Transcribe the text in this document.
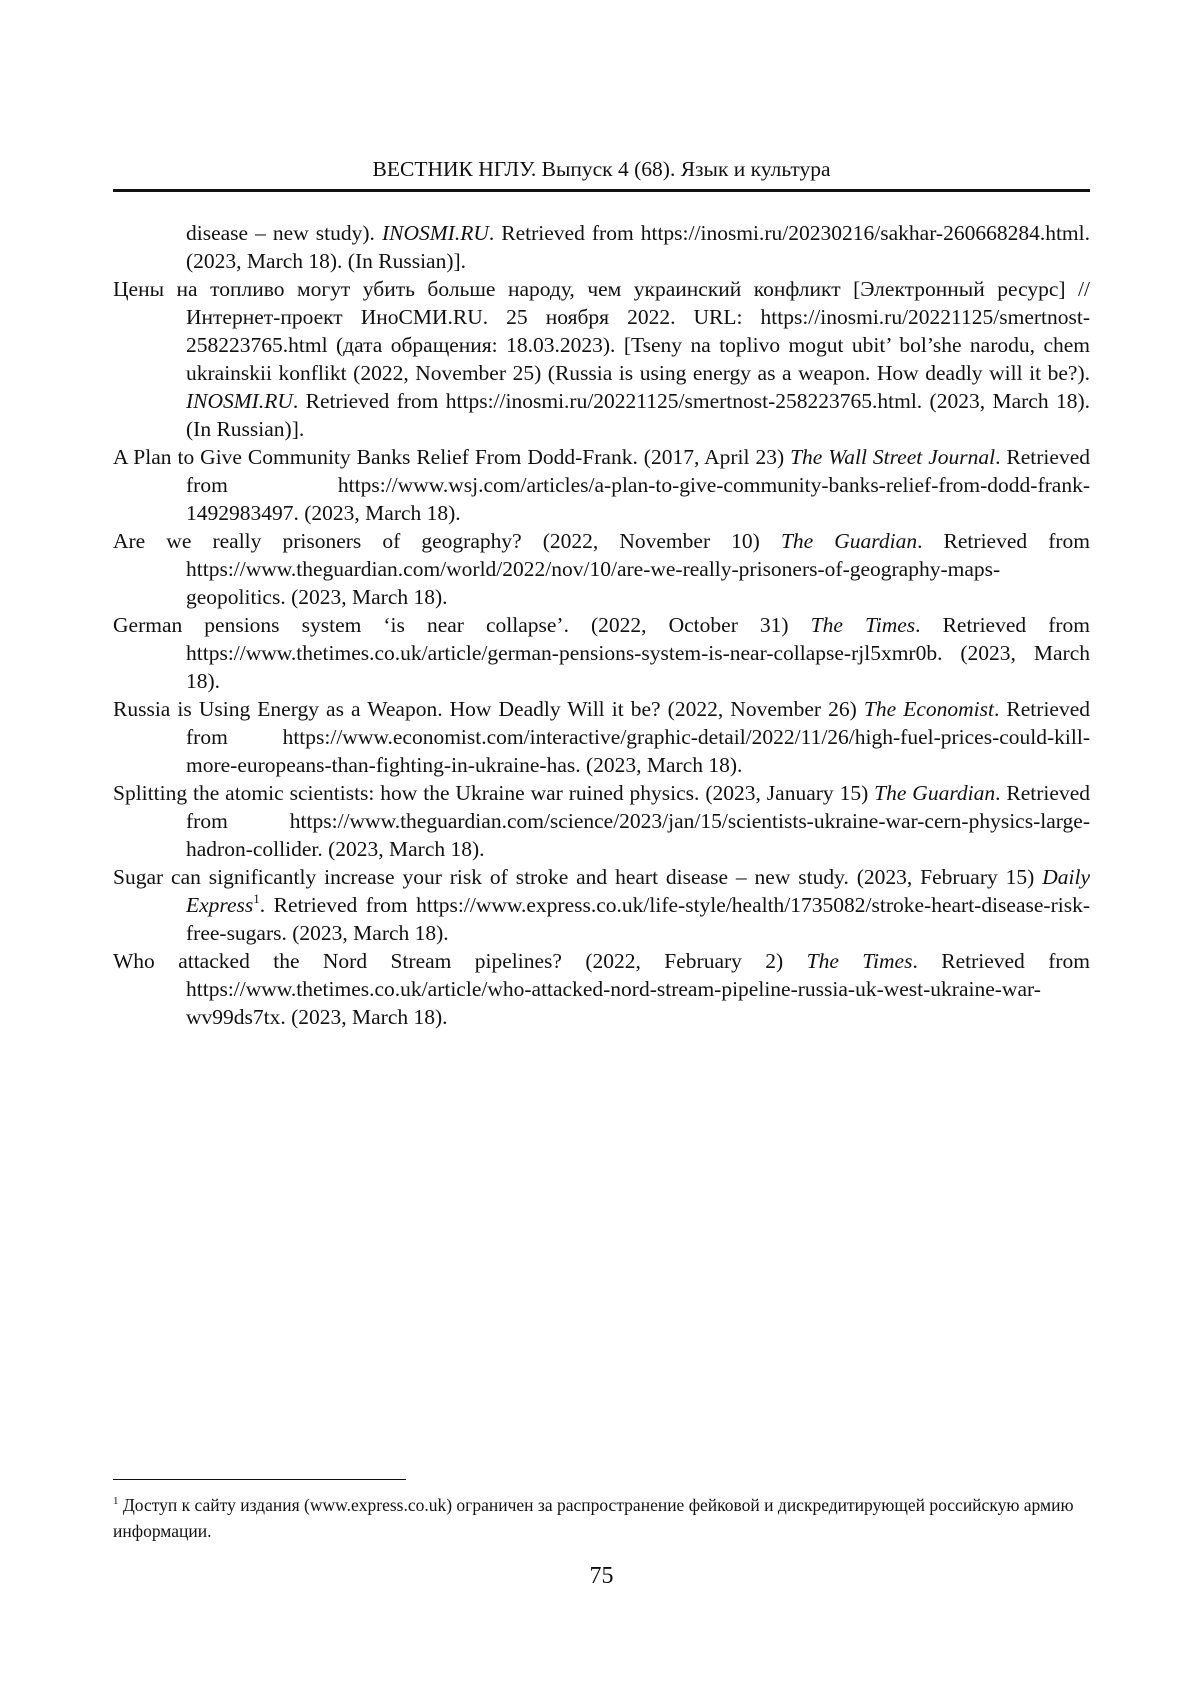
ВЕСТНИК НГЛУ. Выпуск 4 (68). Язык и культура

disease – new study). INOSMI.RU. Retrieved from https://inosmi.ru/20230216/sakhar-260668284.html. (2023, March 18). (In Russian)].

Цены на топливо могут убить больше народу, чем украинский конфликт [Электронный ресурс] // Интернет-проект ИноСМИ.RU. 25 ноября 2022. URL: https://inosmi.ru/20221125/smertnost-258223765.html (дата обращения: 18.03.2023). [Tseny na toplivo mogut ubit’ bol’she narodu, chem ukrainskii konflikt (2022, November 25) (Russia is using energy as a weapon. How deadly will it be?). INOSMI.RU. Retrieved from https://inosmi.ru/20221125/smertnost-258223765.html. (2023, March 18). (In Russian)].

A Plan to Give Community Banks Relief From Dodd-Frank. (2017, April 23) The Wall Street Journal. Retrieved from https://www.wsj.com/articles/a-plan-to-give-community-banks-relief-from-dodd-frank-1492983497. (2023, March 18).

Are we really prisoners of geography? (2022, November 10) The Guardian. Retrieved from https://www.theguardian.com/world/2022/nov/10/are-we-really-prisoners-of-geography-maps-geopolitics. (2023, March 18).

German pensions system ‘is near collapse’. (2022, October 31) The Times. Retrieved from https://www.thetimes.co.uk/article/german-pensions-system-is-near-collapse-rjl5xmr0b. (2023, March 18).

Russia is Using Energy as a Weapon. How Deadly Will it be? (2022, November 26) The Economist. Retrieved from https://www.economist.com/interactive/graphic-detail/2022/11/26/high-fuel-prices-could-kill-more-europeans-than-fighting-in-ukraine-has. (2023, March 18).

Splitting the atomic scientists: how the Ukraine war ruined physics. (2023, January 15) The Guardian. Retrieved from https://www.theguardian.com/science/2023/jan/15/scientists-ukraine-war-cern-physics-large-hadron-collider. (2023, March 18).

Sugar can significantly increase your risk of stroke and heart disease – new study. (2023, February 15) Daily Express1. Retrieved from https://www.express.co.uk/life-style/health/1735082/stroke-heart-disease-risk-free-sugars. (2023, March 18).

Who attacked the Nord Stream pipelines? (2022, February 2) The Times. Retrieved from https://www.thetimes.co.uk/article/who-attacked-nord-stream-pipeline-russia-uk-west-ukraine-war-wv99ds7tx. (2023, March 18).

1 Доступ к сайту издания (www.express.co.uk) ограничен за распространение фейковой и дискредитирующей российскую армию информации.
75
